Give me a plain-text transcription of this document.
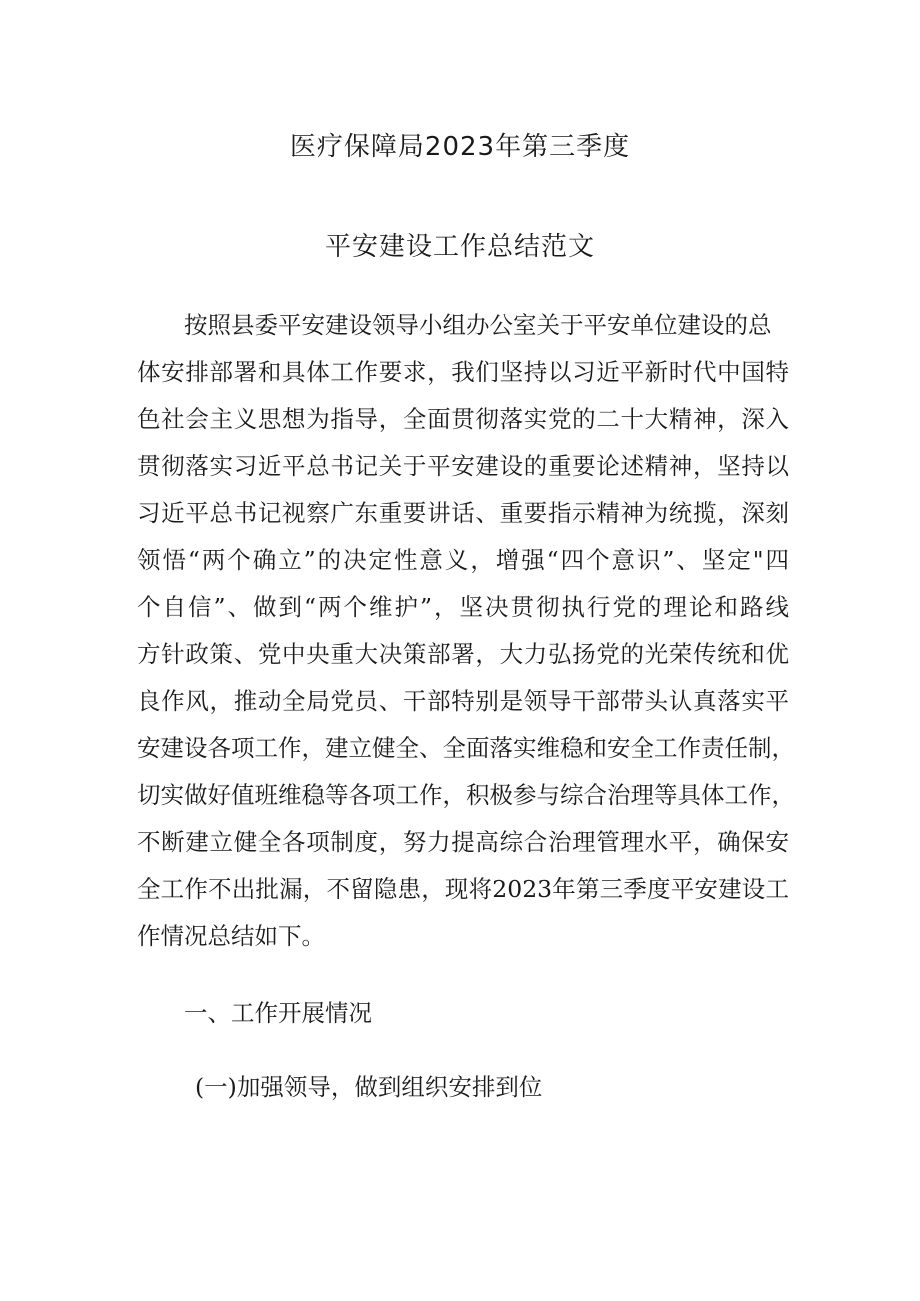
医疗保障局2023年第三季度
平安建设工作总结范文

按照县委平安建设领导小组办公室关于平安单位建设的总

体安排部署和具体工作要求，我们坚持以习近平新时代中国特

色社会主义思想为指导，全面贯彻落实党的二十大精神，深入

贯彻落实习近平总书记关于平安建设的重要论述精神，坚持以

习近平总书记视察广东重要讲话、重要指示精神为统揽，深刻

领悟“两个确立”的决定性意义，增强“四个意识”、坚定"四

个自信”、做到“两个维护”，坚决贯彻执行党的理论和路线

方针政策、党中央重大决策部署，大力弘扬党的光荣传统和优

良作风，推动全局党员、干部特别是领导干部带头认真落实平

安建设各项工作，建立健全、全面落实维稳和安全工作责任制，

切实做好值班维稳等各项工作，积极参与综合治理等具体工作，

不断建立健全各项制度，努力提高综合治理管理水平，确保安

全工作不出批漏，不留隐患，现将2023年第三季度平安建设工

作情况总结如下。

一、工作开展情况

(一)加强领导，做到组织安排到位
